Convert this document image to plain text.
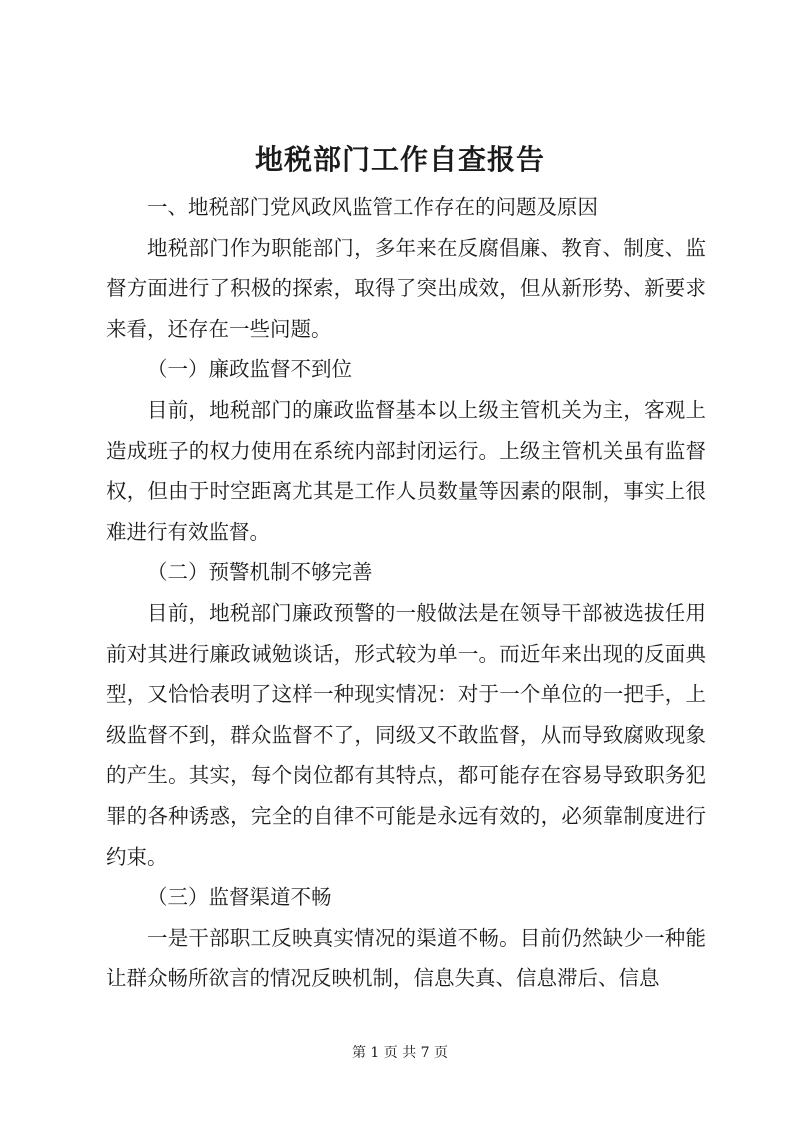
地税部门工作自查报告

一、地税部门党风政风监管工作存在的问题及原因

地税部门作为职能部门，多年来在反腐倡廉、教育、制度、监督方面进行了积极的探索，取得了突出成效，但从新形势、新要求来看，还存在一些问题。

（一）廉政监督不到位

目前，地税部门的廉政监督基本以上级主管机关为主，客观上造成班子的权力使用在系统内部封闭运行。上级主管机关虽有监督权，但由于时空距离尤其是工作人员数量等因素的限制，事实上很难进行有效监督。

（二）预警机制不够完善

目前，地税部门廉政预警的一般做法是在领导干部被选拔任用前对其进行廉政诫勉谈话，形式较为单一。而近年来出现的反面典型，又恰恰表明了这样一种现实情况：对于一个单位的一把手，上级监督不到，群众监督不了，同级又不敢监督，从而导致腐败现象的产生。其实，每个岗位都有其特点，都可能存在容易导致职务犯罪的各种诱惑，完全的自律不可能是永远有效的，必须靠制度进行约束。

（三）监督渠道不畅

一是干部职工反映真实情况的渠道不畅。目前仍然缺少一种能让群众畅所欲言的情况反映机制，信息失真、信息滞后、信息

第 1 页 共 7 页
